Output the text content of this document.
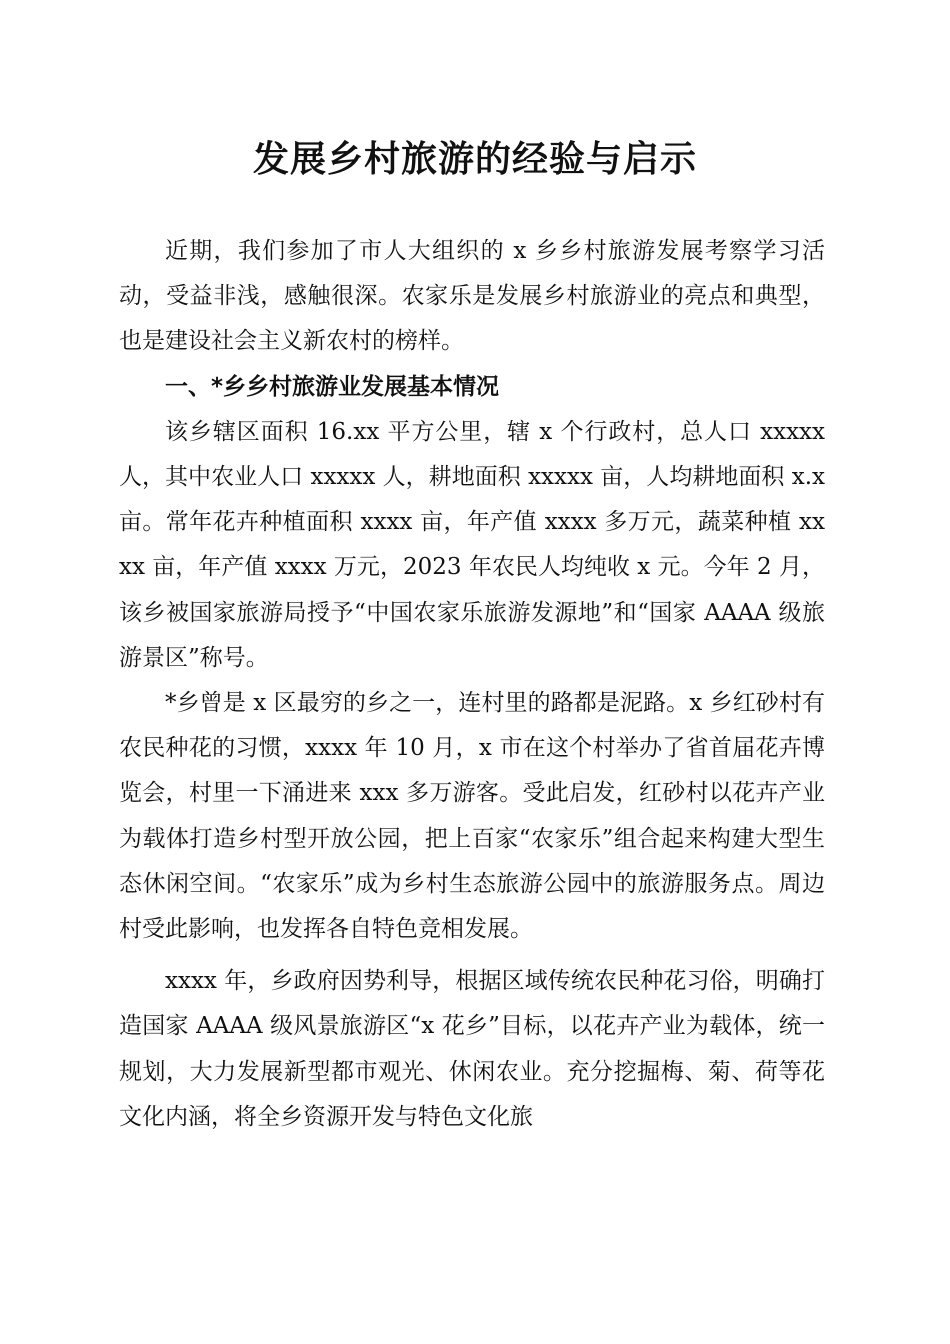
发展乡村旅游的经验与启示

近期，我们参加了市人大组织的 x 乡乡村旅游发展考察学习活动，受益非浅，感触很深。农家乐是发展乡村旅游业的亮点和典型，也是建设社会主义新农村的榜样。

一、*乡乡村旅游业发展基本情况

该乡辖区面积 16.xx 平方公里，辖 x 个行政村，总人口 xxxxx 人，其中农业人口 xxxxx 人，耕地面积 xxxxx 亩，人均耕地面积 x.x 亩。常年花卉种植面积 xxxx 亩，年产值 xxxx 多万元，蔬菜种植 xxxx 亩，年产值 xxxx 万元，2023 年农民人均纯收 x 元。今年 2 月，该乡被国家旅游局授予“中国农家乐旅游发源地”和“国家 AAAA 级旅游景区”称号。

*乡曾是 x 区最穷的乡之一，连村里的路都是泥路。x 乡红砂村有农民种花的习惯，xxxx 年 10 月，x 市在这个村举办了省首届花卉博览会，村里一下涌进来 xxx 多万游客。受此启发，红砂村以花卉产业为载体打造乡村型开放公园，把上百家“农家乐”组合起来构建大型生态休闲空间。“农家乐”成为乡村生态旅游公园中的旅游服务点。周边村受此影响，也发挥各自特色竞相发展。

xxxx 年，乡政府因势利导，根据区域传统农民种花习俗，明确打造国家 AAAA 级风景旅游区“x 花乡”目标，以花卉产业为载体，统一规划，大力发展新型都市观光、休闲农业。充分挖掘梅、菊、荷等花文化内涵，将全乡资源开发与特色文化旅
